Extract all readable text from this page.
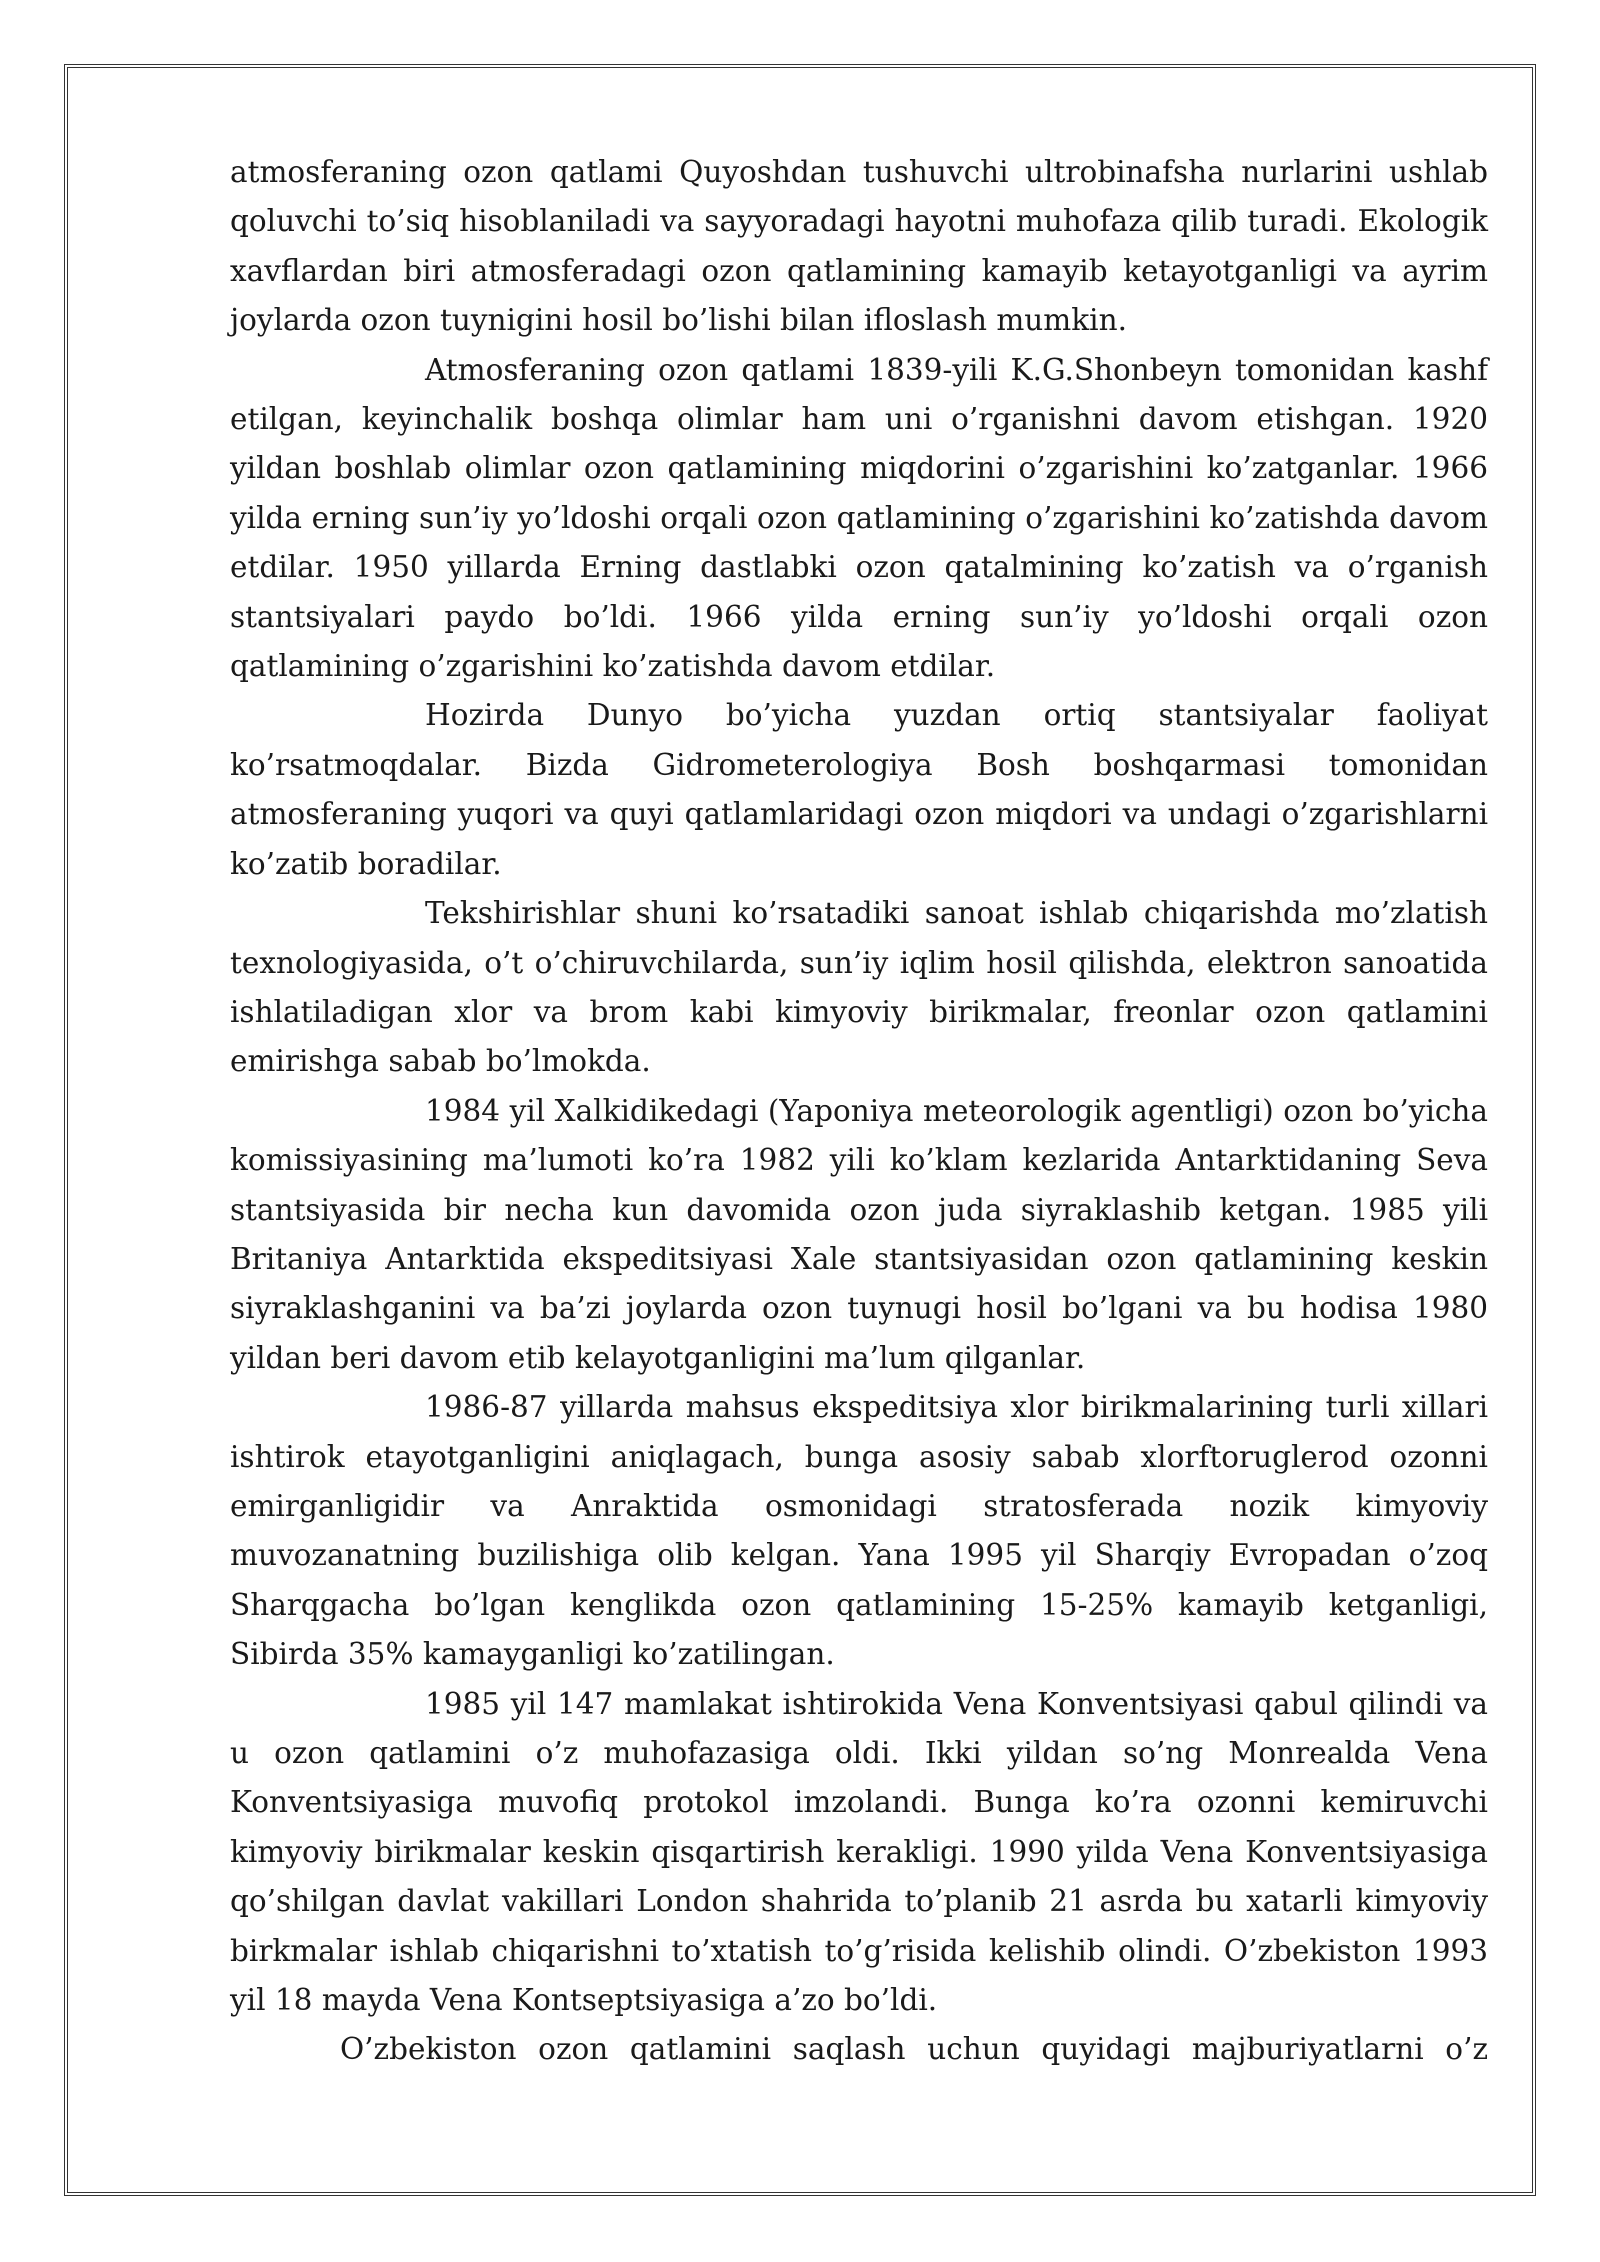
atmosferaning ozon qatlami Quyoshdan tushuvchi ultrobinafsha nurlarini ushlab qoluvchi to’siq hisoblaniladi va sayyoradagi hayotni muhofaza qilib turadi. Ekologik xavflardan biri atmosferadagi ozon qatlamining kamayib ketayotganligi va ayrim joylarda ozon tuynigini hosil bo’lishi bilan ifloslash mumkin.

Atmosferaning ozon qatlami 1839-yili K.G.Shonbeyn tomonidan kashf etilgan, keyinchalik boshqa olimlar ham uni o’rganishni davom etishgan. 1920 yildan boshlab olimlar ozon qatlamining miqdorini o’zgarishini ko’zatganlar. 1966 yilda erning sun’iy yo’ldoshi orqali ozon qatlamining o’zgarishini ko’zatishda davom etdilar. 1950 yillarda Erning dastlabki ozon qatalmining ko’zatish va o’rganish stantsiyalari paydo bo’ldi. 1966 yilda erning sun’iy yo’ldoshi orqali ozon qatlamining o’zgarishini ko’zatishda davom etdilar.

Hozirda Dunyo bo’yicha yuzdan ortiq stantsiyalar faoliyat ko’rsatmoqdalar. Bizda Gidrometerologiya Bosh boshqarmasi tomonidan atmosferaning yuqori va quyi qatlamlaridagi ozon miqdori va undagi o’zgarishlarni ko’zatib boradilar.

Tekshirishlar shuni ko’rsatadiki sanoat ishlab chiqarishda mo’zlatish texnologiyasida, o’t o’chiruvchilarda, sun’iy iqlim hosil qilishda, elektron sanoatida ishlatiladigan xlor va brom kabi kimyoviy birikmalar, freonlar ozon qatlamini emirishga sabab bo’lmokda.

1984 yil Xalkidikedagi (Yaponiya meteorologik agentligi) ozon bo’yicha komissiyasining ma’lumoti ko’ra 1982 yili ko’klam kezlarida Antarktidaning Seva stantsiyasida bir necha kun davomida ozon juda siyraklashib ketgan. 1985 yili Britaniya Antarktida ekspeditsiyasi Xale stantsiyasidan ozon qatlamining keskin siyraklashganini va ba’zi joylarda ozon tuynugi hosil bo’lgani va bu hodisa 1980 yildan beri davom etib kelayotganligini ma’lum qilganlar.

1986-87 yillarda mahsus ekspeditsiya xlor birikmalarining turli xillari ishtirok etayotganligini aniqlagach, bunga asosiy sabab xlorftoruglerod ozonni emirganligidir va Anraktida osmonidagi stratosferada nozik kimyoviy muvozanatning buzilishiga olib kelgan. Yana 1995 yil Sharqiy Evropadan o’zoq Sharqgacha bo’lgan kenglikda ozon qatlamining 15-25% kamayib ketganligi, Sibirda 35% kamayganligi ko’zatilingan.

1985 yil 147 mamlakat ishtirokida Vena Konventsiyasi qabul qilindi va u ozon qatlamini o’z muhofazasiga oldi. Ikki yildan so’ng Monrealda Vena Konventsiyasiga muvofiq protokol imzolandi. Bunga ko’ra ozonni kemiruvchi kimyoviy birikmalar keskin qisqartirish kerakligi. 1990 yilda Vena Konventsiyasiga qo’shilgan davlat vakillari London shahrida to’planib 21 asrda bu xatarli kimyoviy birkmalar ishlab chiqarishni to’xtatish to’g’risida kelishib olindi. O’zbekiston 1993 yil 18 mayda Vena Kontseptsiyasiga a’zo bo’ldi.

O’zbekiston ozon qatlamini saqlash uchun quyidagi majburiyatlarni o’z
